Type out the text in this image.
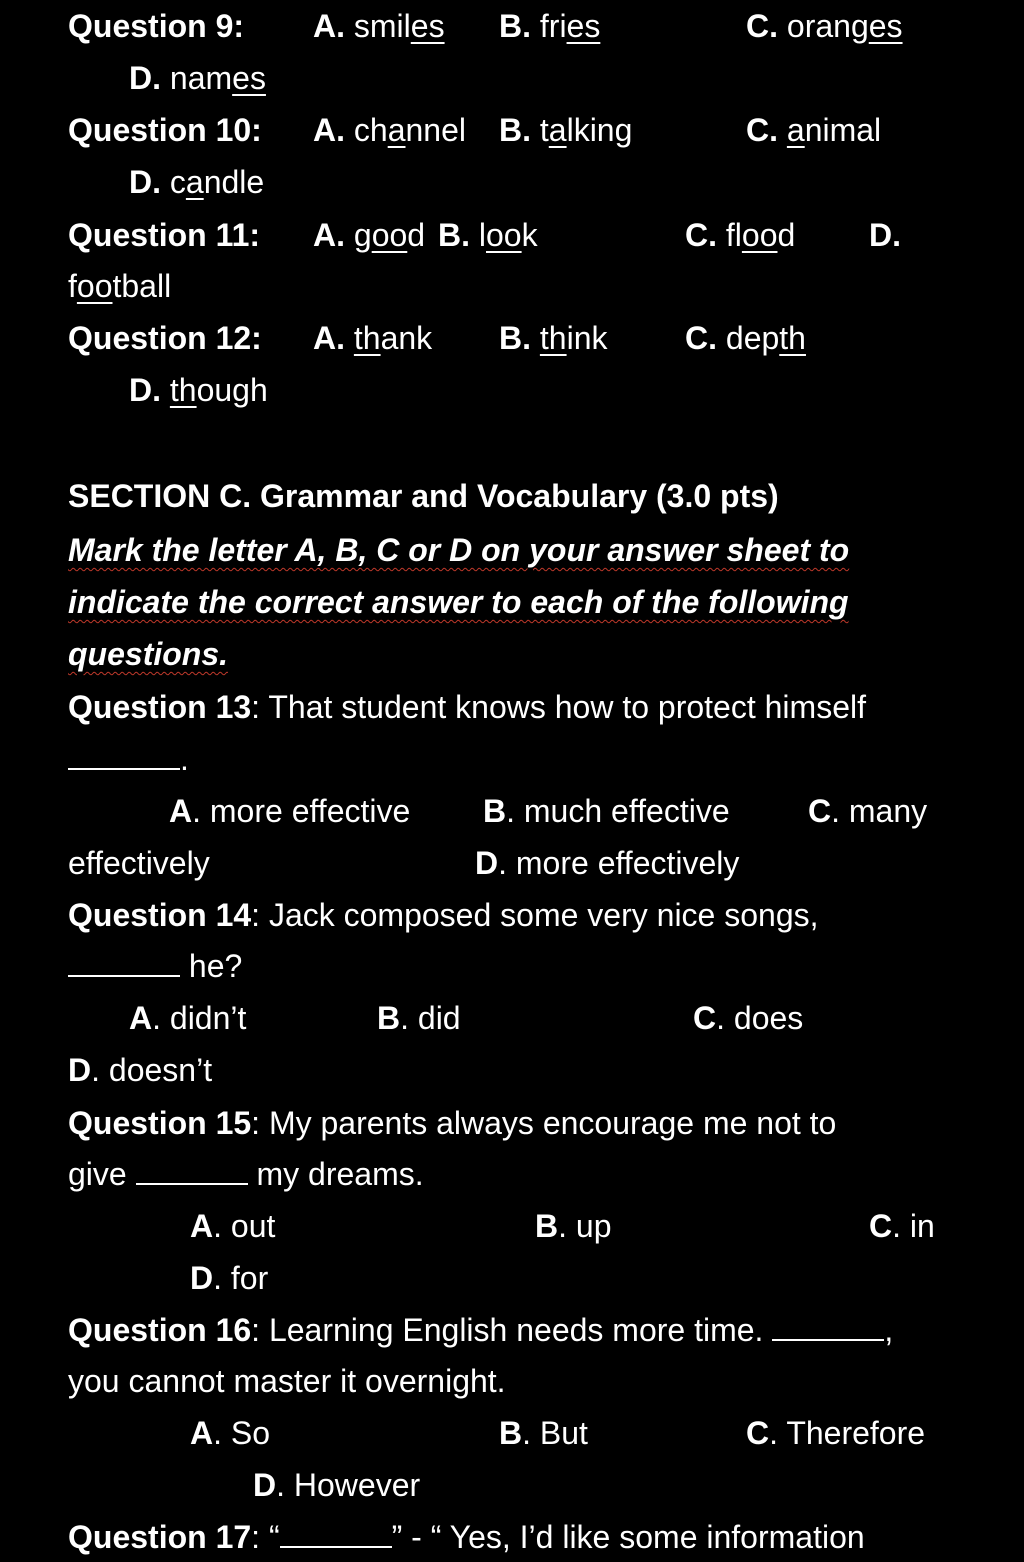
Question 9: A. smiles B. fries	C. oranges
D. names
Question 10: A. channel B. talking	C. animal
D. candle
Question 11: A. good B. look	C. flood D.
football
Question 12: A. thank B. think C. depth
D. though
SECTION C. Grammar and Vocabulary (3.0 pts)
Mark the letter A, B, C or D on your answer sheet to
indicate the correct answer to each of the following
questions.
Question 13: That student knows how to protect himself
.
A. more effective B. much effective C. many
effectively	D. more effectively
Question 14: Jack composed some very nice songs,
he?
A. didn’t	B. did	C. does
D. doesn’t
Question 15: My parents always encourage me not to
give	my dreams.
A. out	B. up	C. in
D. for
Question 16: Learning English needs more time.	,
you cannot master it overnight.
A. So	B. But	C. Therefore
D. However
Question 17: “	” - “ Yes, I’d like some information
